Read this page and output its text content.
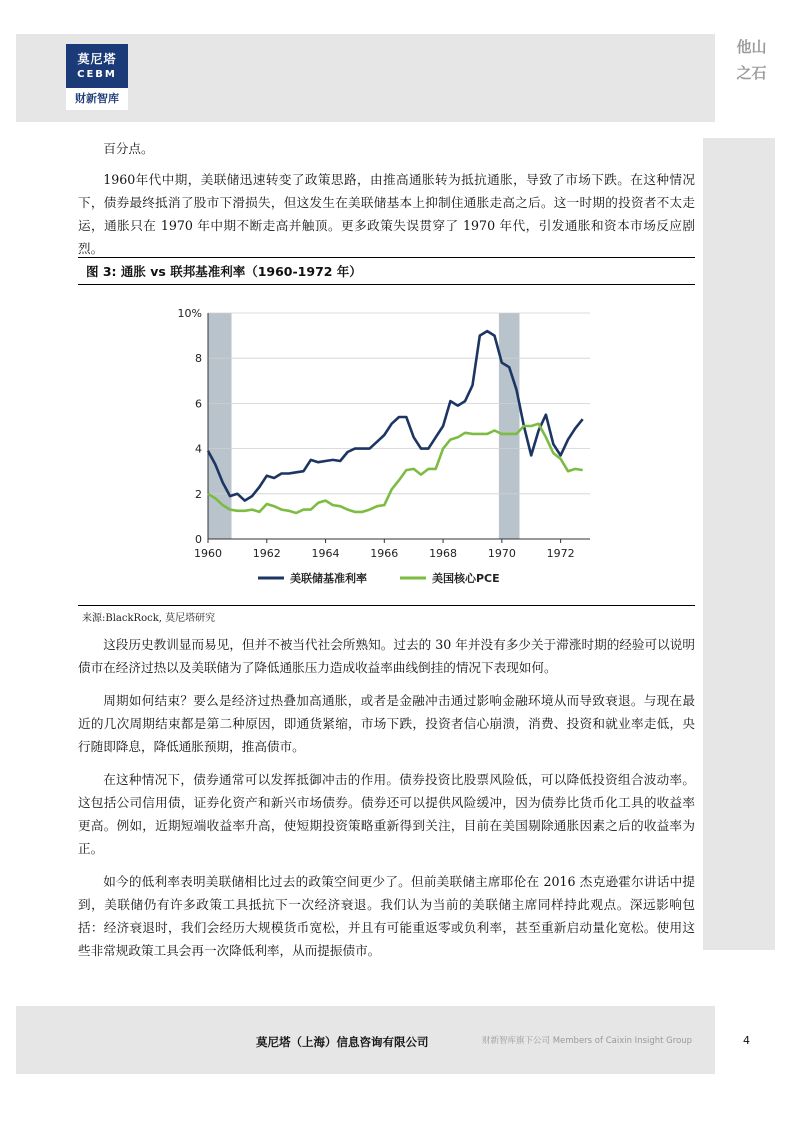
莫尼塔
CEBM
财新智库
他山
之石

百分点。

1960年代中期，美联储迅速转变了政策思路，由推高通胀转为抵抗通胀，导致了市场下跌。在这种情况下，债券最终抵消了股市下滑损失，但这发生在美联储基本上抑制住通胀走高之后。这一时期的投资者不太走运，通胀只在 1970 年中期不断走高并触顶。更多政策失误贯穿了 1970 年代，引发通胀和资本市场反应剧烈。

图 3: 通胀 vs 联邦基准利率（1960-1972 年）
0
2
4
6
8
10%
1960	1962	1964	1966	1968	1970	1972
美联储基准利率	美国核心PCE
来源:BlackRock, 莫尼塔研究

这段历史教训显而易见，但并不被当代社会所熟知。过去的 30 年并没有多少关于滞涨时期的经验可以说明债市在经济过热以及美联储为了降低通胀压力造成收益率曲线倒挂的情况下表现如何。

周期如何结束？要么是经济过热叠加高通胀，或者是金融冲击通过影响金融环境从而导致衰退。与现在最近的几次周期结束都是第二种原因，即通货紧缩，市场下跌，投资者信心崩溃，消费、投资和就业率走低，央行随即降息，降低通胀预期，推高债市。

在这种情况下，债券通常可以发挥抵御冲击的作用。债券投资比股票风险低，可以降低投资组合波动率。这包括公司信用债，证券化资产和新兴市场债券。债券还可以提供风险缓冲，因为债券比货币化工具的收益率更高。例如，近期短端收益率升高，使短期投资策略重新得到关注，目前在美国剔除通胀因素之后的收益率为正。

如今的低利率表明美联储相比过去的政策空间更少了。但前美联储主席耶伦在 2016 杰克逊霍尔讲话中提到，美联储仍有许多政策工具抵抗下一次经济衰退。我们认为当前的美联储主席同样持此观点。深远影响包括：经济衰退时，我们会经历大规模货币宽松，并且有可能重返零或负利率，甚至重新启动量化宽松。使用这些非常规政策工具会再一次降低利率，从而提振债市。

莫尼塔（上海）信息咨询有限公司	财新智库旗下公司 Members of Caixin Insight Group	4
